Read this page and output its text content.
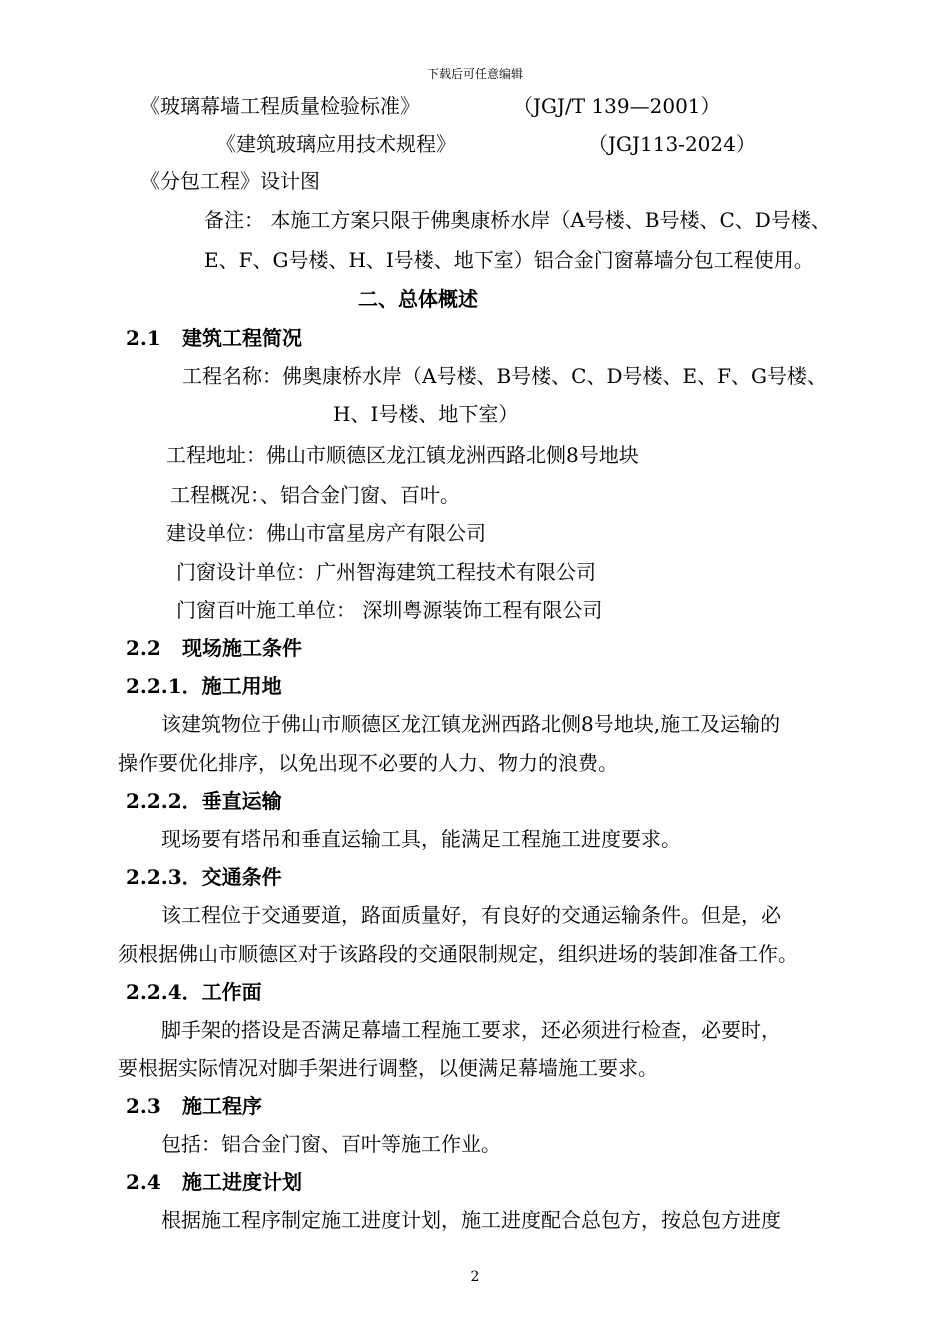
下载后可任意编辑
《玻璃幕墙工程质量检验标准》	（JGJ/T 139—2001）
《建筑玻璃应用技术规程》	（JGJ113-2024）
《分包工程》设计图
备注： 本施工方案只限于佛奥康桥水岸（A号楼、B号楼、C、D号楼、
E、F、G号楼、H、I号楼、地下室）铝合金门窗幕墙分包工程使用。
二、总体概述
2.1 建筑工程简况
工程名称：佛奥康桥水岸（A号楼、B号楼、C、D号楼、E、F、G号楼、
H、I号楼、地下室）
工程地址：佛山市顺德区龙江镇龙洲西路北侧8号地块
工程概况：、铝合金门窗、百叶。
建设单位：佛山市富星房产有限公司
门窗设计单位：广州智海建筑工程技术有限公司
门窗百叶施工单位： 深圳粤源装饰工程有限公司
2.2 现场施工条件
2.2.1．施工用地
该建筑物位于佛山市顺德区龙江镇龙洲西路北侧8号地块,施工及运输的
操作要优化排序，以免出现不必要的人力、物力的浪费。
2.2.2．垂直运输
现场要有塔吊和垂直运输工具，能满足工程施工进度要求。
2.2.3．交通条件
该工程位于交通要道，路面质量好，有良好的交通运输条件。但是，必
须根据佛山市顺德区对于该路段的交通限制规定，组织进场的装卸准备工作。
2.2.4．工作面
脚手架的搭设是否满足幕墙工程施工要求，还必须进行检查，必要时，
要根据实际情况对脚手架进行调整，以便满足幕墙施工要求。
2.3 施工程序
包括：铝合金门窗、百叶等施工作业。
2.4 施工进度计划
根据施工程序制定施工进度计划，施工进度配合总包方，按总包方进度
2
